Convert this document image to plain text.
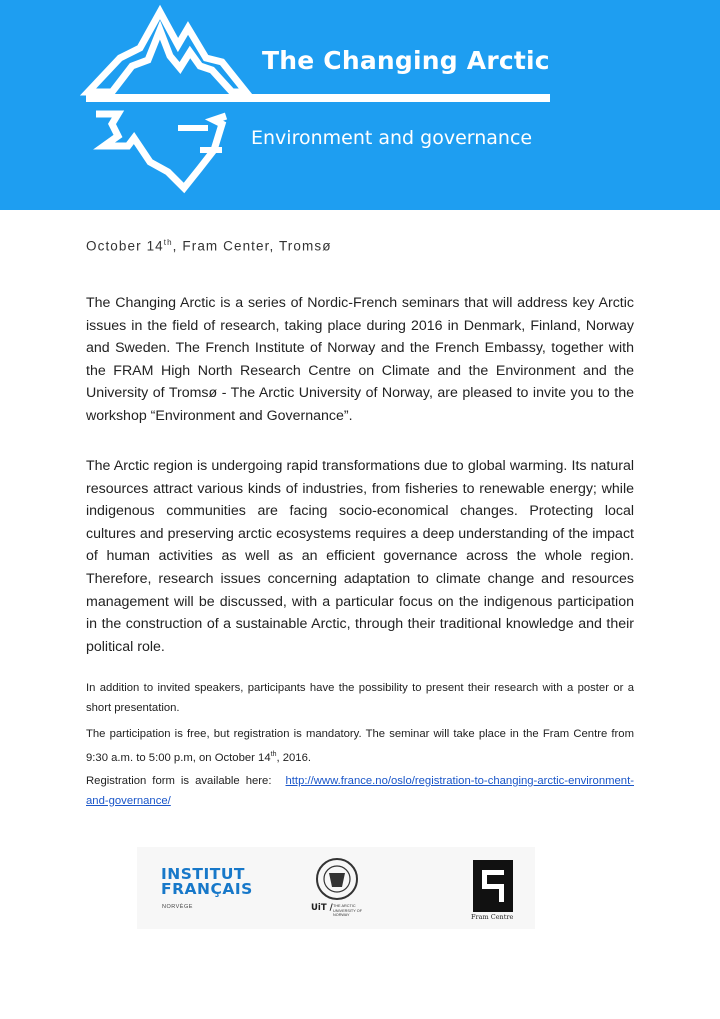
The Changing Arctic
Environment and governance
October 14th, Fram Center, Tromsø

The Changing Arctic is a series of Nordic-French seminars that will address key Arctic issues in the field of research, taking place during 2016 in Denmark, Finland, Norway and Sweden. The French Institute of Norway and the French Embassy, together with the FRAM High North Research Centre on Climate and the Environment and the University of Tromsø - The Arctic University of Norway, are pleased to invite you to the workshop “Environment and Governance”.

The Arctic region is undergoing rapid transformations due to global warming. Its natural resources attract various kinds of industries, from fisheries to renewable energy; while indigenous communities are facing socio-economical changes. Protecting local cultures and preserving arctic ecosystems requires a deep understanding of the impact of human activities as well as an efficient governance across the whole region. Therefore, research issues concerning adaptation to climate change and resources management will be discussed, with a particular focus on the indigenous participation in the construction of a sustainable Arctic, through their traditional knowledge and their political role.

In addition to invited speakers, participants have the possibility to present their research with a poster or a short presentation.

The participation is free, but registration is mandatory. The seminar will take place in the Fram Centre from 9:30 a.m. to 5:00 p.m, on October 14th, 2016.

Registration form is available here: http://www.france.no/oslo/registration-to-changing-arctic-environment-and-governance/

INSTITUT
FRANÇAIS
NORVÈGE	UiT / THE ARCTIC UNIVERSITY OF NORWAY	Fram Centre
